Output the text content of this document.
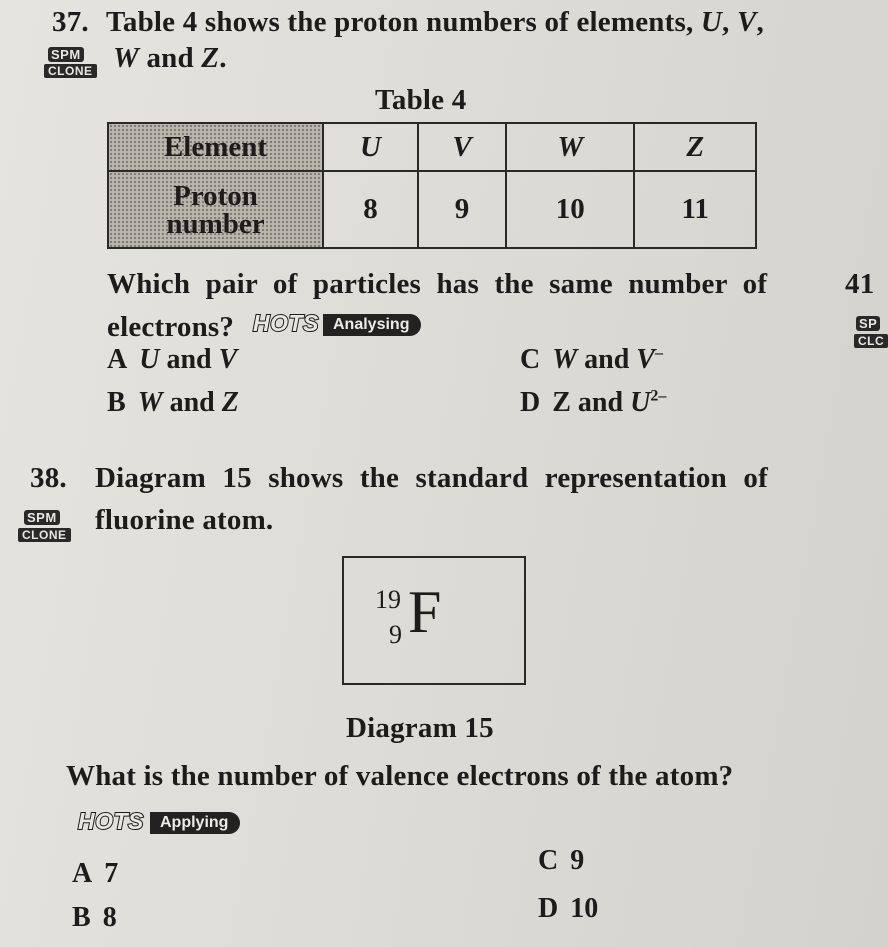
37. Table 4 shows the proton numbers of elements, U, V,
SPM
CLONE W and Z.
Table 4
Element	U	V	W	Z

Proton
number	8	9	10	11
Which pair of particles has the same number of
electrons? HOTS Analysing
A U and V
B W and Z
C W and V–
D Z and $U^{2-}$
41
SP
CLC
38. Diagram 15 shows the standard representation of
SPM
CLONE fluorine atom.
19
9 F
Diagram 15
What is the number of valence electrons of the atom?
HOTS	Applying
A 7
B 8
C 9
D 10
